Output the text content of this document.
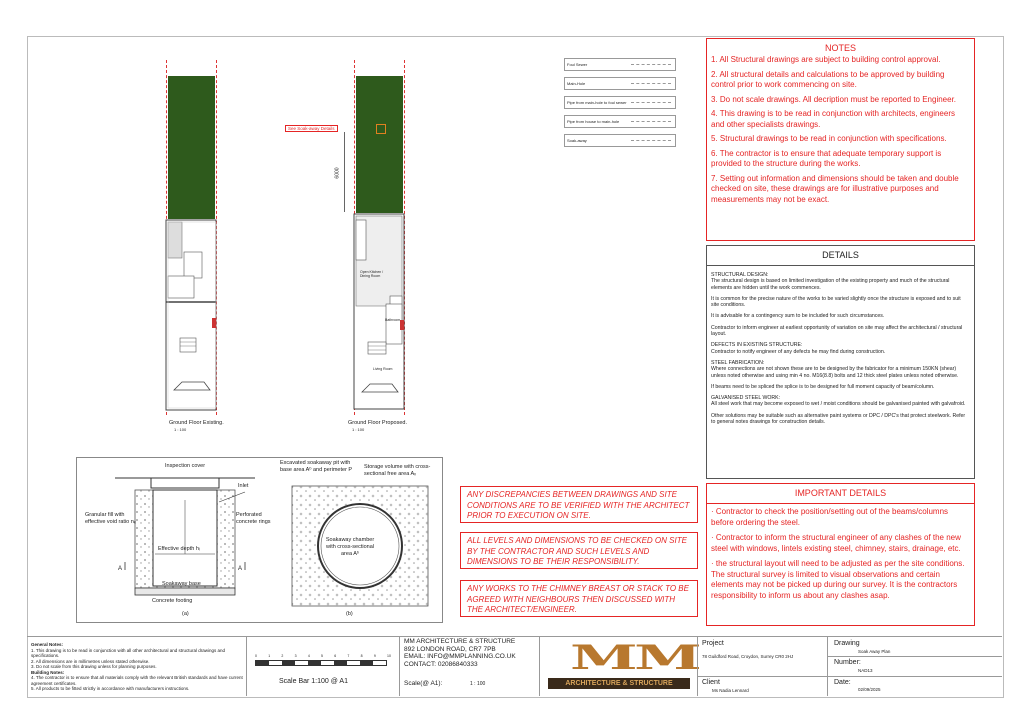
Ground Floor Existing.
1 : 100
See Soak-away Details
6000
Open Kitchen / Dining Room
Bathroom
Living Room
Ground Floor Proposed.
1 : 100
Foul Sewer
Main-Hole
Pipe from main-hole to foul sewer
Pipe from house to main-hole
Soak-away
Inspection cover
Inlet
Granular fill with effective void ratio nₑ
Perforated concrete rings
Effective depth hᵢ
Soakaway base
Concrete footing
A	A
(a)
Excavated soakaway pit with base area Aᵇ and perimeter P	Storage volume with cross-sectional free area Aᵥ
Soakaway chamber with cross-sectional area Aᵇ
(b)
NOTES

1. All Structural drawings are subject to building control approval.

2. All structural details and calculations to be approved by building control prior to work commencing on site.

3. Do not scale drawings. All decription must be reported to Engineer.

4. This drawing is to be read in conjunction with architects, engineers and other specialists drawings.

5. Structural drawings to be read in conjunction with specifications.

6. The contractor is to ensure that adequate temporary support is provided to the structure during the works.

7. Setting out information and dimensions should be taken and double checked on site, these drawings are for illustrative purposes and measurements may not be exact.

DETAILS

STRUCTURAL DESIGN:
The structural design is based on limited investigation of the existing property and much of the structural elements are hidden until the work commences.

It is common for the precise nature of the works to be varied slightly once the structure is exposed and to suit site conditions.

It is advisable for a contingency sum to be included for such circumstances.

Contractor to inform engineer at earliest opportunity of variation on site may affect the architectural / structural layout.

DEFECTS IN EXISTING STRUCTURE:
Contractor to notify engineer of any defects he may find during construction.

STEEL FABRICATION:
Where connections are not shown these are to be designed by the fabricator for a minimum 150KN (shear) unless noted otherwise and using min 4 no. M16(8.8) bolts and 12 thick steel plates unless noted otherwise.

If beams need to be spliced the splice is to be designed for full moment capacity of beam/column.

GALVANISED STEEL WORK:
All steel work that may become exposed to wet / moist conditions should be galvanised painted with galvafroid.

Other solutions may be suitable such as alternative paint systems or DPC / DPC's that protect steelwork. Refer to general notes drawings for construction details.

ANY DISCREPANCIES BETWEEN DRAWINGS AND SITE CONDITIONS ARE TO BE VERIFIED WITH THE ARCHITECT PRIOR TO EXECUTION ON SITE.
ALL LEVELS AND DIMENSIONS TO BE CHECKED ON SITE BY THE CONTRACTOR AND SUCH LEVELS AND DIMENSIONS TO BE THEIR RESPONSIBILITY.
ANY WORKS TO THE CHIMNEY BREAST OR STACK TO BE AGREED WITH NEIGHBOURS THEN DISCUSSED WITH THE ARCHITECT/ENGINEER.
IMPORTANT DETAILS

· Contractor to check the position/setting out of the beams/columns before ordering the steel.

· Contractor to inform the structural engineer of any clashes of the new steel with windows, lintels existing steel, chimney, stairs, drainage, etc.

· the structural layout will need to be adjusted as per the site conditions. The structural survey is limited to visual observations and certain elements may not be picked up during our survey. It is the contractors responsibility to inform us about any clashes asap.

General Notes:
1. This drawing is to be read in conjunction with all other architectural and structural drawings and specifications.
2. All dimensions are in millimetres unless stated otherwise.
3. Do not scale from this drawing unless for planning purposes.
Building Notes:
4. The contractor is to ensure that all materials comply with the relevant British standards and have current agreement certificates.
5. All products to be fitted strictly in accordance with manufacturers instructions.
0	1	2	3	4	5	6	7	8	9	10
Scale Bar 1:100 @ A1
MM ARCHITECTURE & STRUCTURE
892 LONDON ROAD, CR7 7PB
EMAIL: INFO@MMPLANNING.CO.UK
CONTACT: 02086840333
Scale(@ A1):	1 : 100
MM
ARCHITECTURE & STRUCTURE
Project
78 Guildford Road, Croydon, Surrey CR0 2HJ
Client
Ms Nadia Lennard
Drawing
Soak Away Plan
Number:
NAD13
Date:
02/09/2025
